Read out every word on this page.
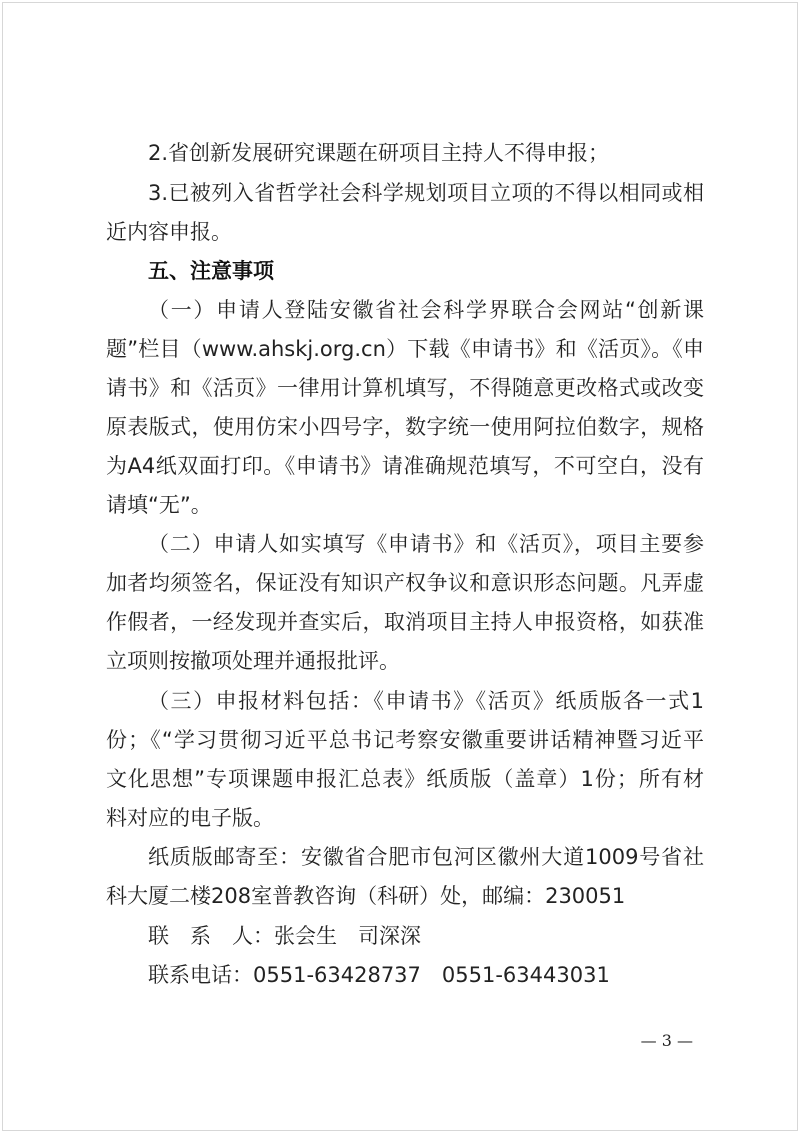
2.省创新发展研究课题在研项目主持人不得申报；
3.已被列入省哲学社会科学规划项目立项的不得以相同或相
近内容申报。
五、注意事项
（一）申请人登陆安徽省社会科学界联合会网站“创新课
题”栏目（www.ahskj.org.cn）下载《申请书》和《活页》。《申
请书》和《活页》一律用计算机填写，不得随意更改格式或改变
原表版式，使用仿宋小四号字，数字统一使用阿拉伯数字，规格
为A4纸双面打印。《申请书》请准确规范填写，不可空白，没有
请填“无”。
（二）申请人如实填写《申请书》和《活页》，项目主要参
加者均须签名，保证没有知识产权争议和意识形态问题。凡弄虚
作假者，一经发现并查实后，取消项目主持人申报资格，如获准
立项则按撤项处理并通报批评。
（三）申报材料包括：《申请书》《活页》纸质版各一式1
份；《“学习贯彻习近平总书记考察安徽重要讲话精神暨习近平
文化思想”专项课题申报汇总表》纸质版（盖章）1份；所有材
料对应的电子版。
纸质版邮寄至：安徽省合肥市包河区徽州大道1009号省社
科大厦二楼208室普教咨询（科研）处，邮编：230051
联　系　人：张会生　司深深
联系电话：0551-63428737　0551-63443031
— 3 —
